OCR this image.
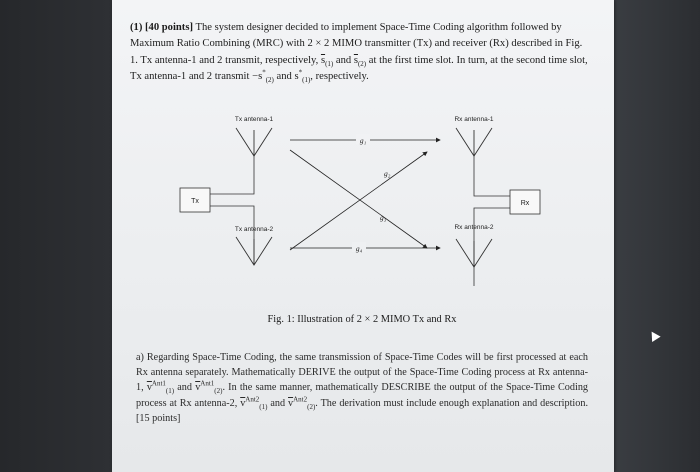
(1) [40 points] The system designer decided to implement Space-Time Coding algorithm followed by Maximum Ratio Combining (MRC) with 2 × 2 MIMO transmitter (Tx) and receiver (Rx) described in Fig. 1. Tx antenna-1 and 2 transmit, respectively, $\overline{s}_{(1)}$ and $\overline{s}_{(2)}$ at the first time slot. In turn, at the second time slot, Tx antenna-1 and 2 transmit $-s^*_{(2)}$ and $s^*_{(1)}$, respectively.

Tx	Rx
Tx antenna-1
Tx antenna-2
Rx antenna-1
Rx antenna-2
g₁
g₂
g₃
g₄
Fig. 1: Illustration of 2 × 2 MIMO Tx and Rx

a) Regarding Space-Time Coding, the same transmission of Space-Time Codes will be first processed at each Rx antenna separately. Mathematically DERIVE the output of the Space-Time Coding process at Rx antenna-1, $\overline{v}^{Ant1}_{(1)}$ and $\overline{v}^{Ant1}_{(2)}$. In the same manner, mathematically DESCRIBE the output of the Space-Time Coding process at Rx antenna-2, $\overline{v}^{Ant2}_{(1)}$ and $\overline{v}^{Ant2}_{(2)}$. The derivation must include enough explanation and description. [15 points]
